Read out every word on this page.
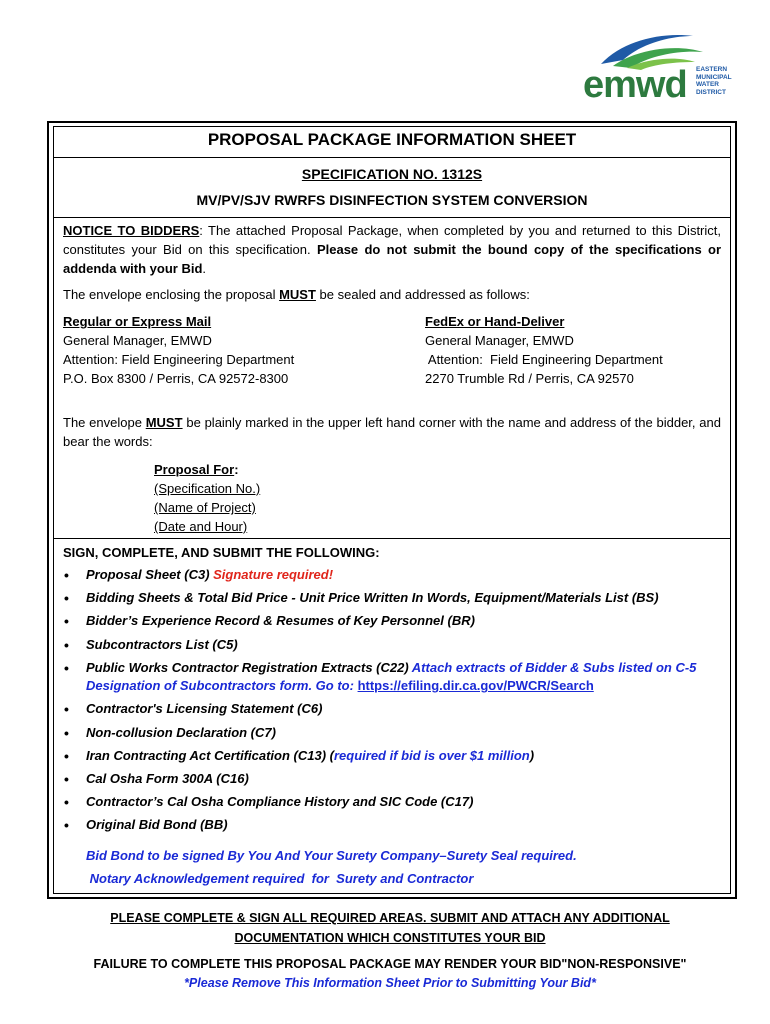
emwd EASTERN
MUNICIPAL
WATER
DISTRICT
PROPOSAL PACKAGE INFORMATION SHEET
SPECIFICATION NO. 1312S
MV/PV/SJV RWRFS DISINFECTION SYSTEM CONVERSION
NOTICE TO BIDDERS: The attached Proposal Package, when completed by you and returned to this District, constitutes your Bid on this specification. Please do not submit the bound copy of the specifications or addenda with your Bid.
The envelope enclosing the proposal MUST be sealed and addressed as follows:
Regular or Express Mail
General Manager, EMWD
Attention: Field Engineering Department
P.O. Box 8300 / Perris, CA 92572-8300
FedEx or Hand-Deliver
General Manager, EMWD
Attention:  Field Engineering Department
2270 Trumble Rd / Perris, CA 92570
The envelope MUST be plainly marked in the upper left hand corner with the name and address of the bidder, and bear the words:
Proposal For:
(Specification No.)
(Name of Project)
(Date and Hour)
SIGN, COMPLETE, AND SUBMIT THE FOLLOWING:
• Proposal Sheet (C3) Signature required!
• Bidding Sheets & Total Bid Price - Unit Price Written In Words, Equipment/Materials List (BS)
• Bidder’s Experience Record & Resumes of Key Personnel (BR)
• Subcontractors List (C5)
• Public Works Contractor Registration Extracts (C22) Attach extracts of Bidder & Subs listed on C-5 Designation of Subcontractors form. Go to: https://efiling.dir.ca.gov/PWCR/Search
• Contractor's Licensing Statement (C6)
• Non-collusion Declaration (C7)
• Iran Contracting Act Certification (C13) (required if bid is over $1 million)
• Cal Osha Form 300A (C16)
• Contractor’s Cal Osha Compliance History and SIC Code (C17)
• Original Bid Bond (BB)
Bid Bond to be signed By You And Your Surety Company–Surety Seal required.
Notary Acknowledgement required  for  Surety and Contractor
PLEASE COMPLETE & SIGN ALL REQUIRED AREAS. SUBMIT AND ATTACH ANY ADDITIONAL
DOCUMENTATION WHICH CONSTITUTES YOUR BID
FAILURE TO COMPLETE THIS PROPOSAL PACKAGE MAY RENDER YOUR BID"NON-RESPONSIVE"
*Please Remove This Information Sheet Prior to Submitting Your Bid*
